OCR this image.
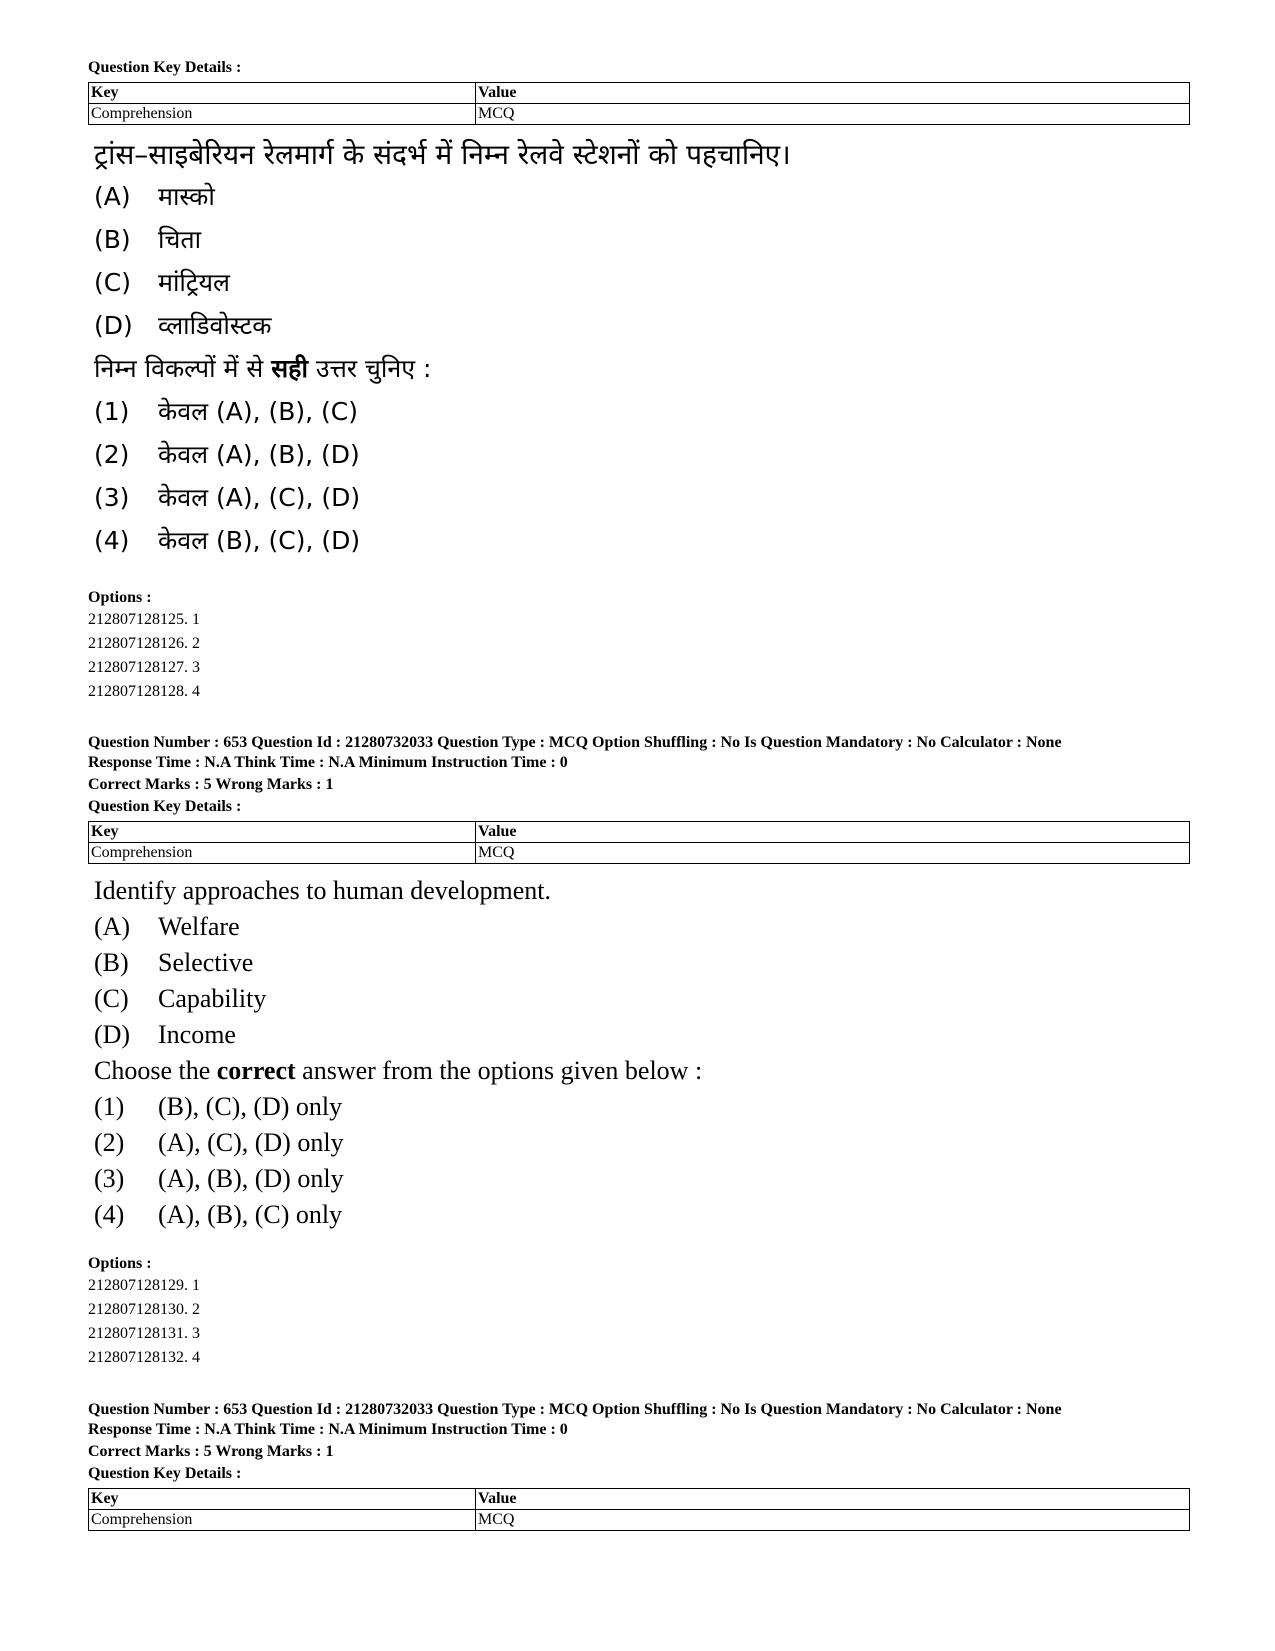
Question Key Details :
Key	Value
Comprehension	MCQ
ट्रांस–साइबेरियन रेलमार्ग के संदर्भ में निम्न रेलवे स्टेशनों को पहचानिए।
(A)	मास्को
(B)	चिता
(C)	मांट्रियल
(D)	व्लाडिवोस्टक
निम्न विकल्पों में से सही उत्तर चुनिए :
(1)	केवल (A), (B), (C)
(2)	केवल (A), (B), (D)
(3)	केवल (A), (C), (D)
(4)	केवल (B), (C), (D)
Options :
212807128125. 1
212807128126. 2
212807128127. 3
212807128128. 4
Question Number : 653 Question Id : 21280732033 Question Type : MCQ Option Shuffling : No Is Question Mandatory : No Calculator : None
Response Time : N.A Think Time : N.A Minimum Instruction Time : 0
Correct Marks : 5 Wrong Marks : 1
Question Key Details :
Key	Value
Comprehension	MCQ
Identify approaches to human development.
(A)	Welfare
(B)	Selective
(C)	Capability
(D)	Income
Choose the correct answer from the options given below :
(1)	(B), (C), (D) only
(2)	(A), (C), (D) only
(3)	(A), (B), (D) only
(4)	(A), (B), (C) only
Options :
212807128129. 1
212807128130. 2
212807128131. 3
212807128132. 4
Question Number : 653 Question Id : 21280732033 Question Type : MCQ Option Shuffling : No Is Question Mandatory : No Calculator : None
Response Time : N.A Think Time : N.A Minimum Instruction Time : 0
Correct Marks : 5 Wrong Marks : 1
Question Key Details :
Key	Value
Comprehension	MCQ
